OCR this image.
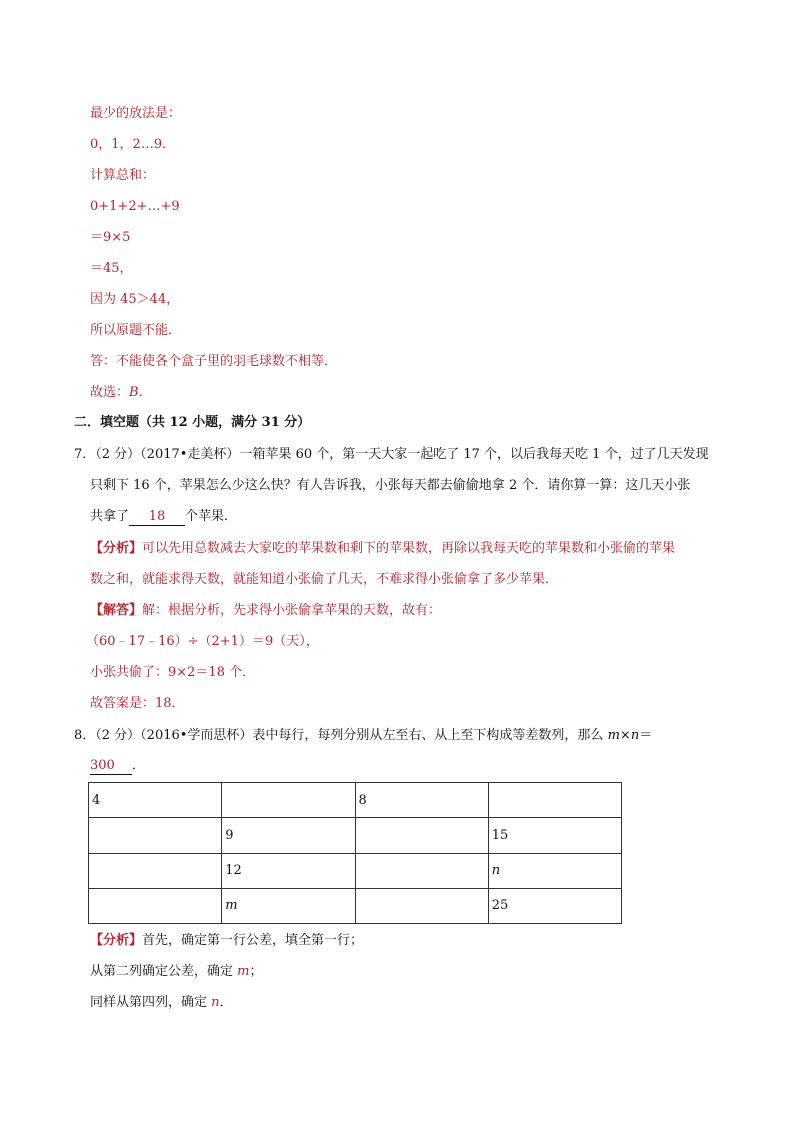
最少的放法是：
0，1，2…9．
计算总和：
0+1+2+…+9
＝9×5
＝45，
因为 45＞44，
所以原题不能．
答：不能使各个盒子里的羽毛球数不相等．
故选：B．
二．填空题（共 12 小题，满分 31 分）
7．（2 分）（2017•走美杯）一箱苹果 60 个，第一天大家一起吃了 17 个，以后我每天吃 1 个，过了几天发现
只剩下 16 个，苹果怎么少这么快？有人告诉我，小张每天都去偷偷地拿 2 个．请你算一算：这几天小张
共拿了 18 个苹果．
【分析】可以先用总数减去大家吃的苹果数和剩下的苹果数，再除以我每天吃的苹果数和小张偷的苹果
数之和，就能求得天数，就能知道小张偷了几天，不难求得小张偷拿了多少苹果．
【解答】解：根据分析，先求得小张偷拿苹果的天数，故有：
（60﹣17﹣16）÷（2+1）＝9（天），
小张共偷了：9×2＝18 个．
故答案是：18．
8．（2 分）（2016•学而思杯）表中每行，每列分别从左至右、从上至下构成等差数列，那么 m×n＝
300 ．
4		8	
	9		15
	12		n
	m		25
【分析】首先，确定第一行公差，填全第一行；
从第二列确定公差，确定 m；
同样从第四列，确定 n．
